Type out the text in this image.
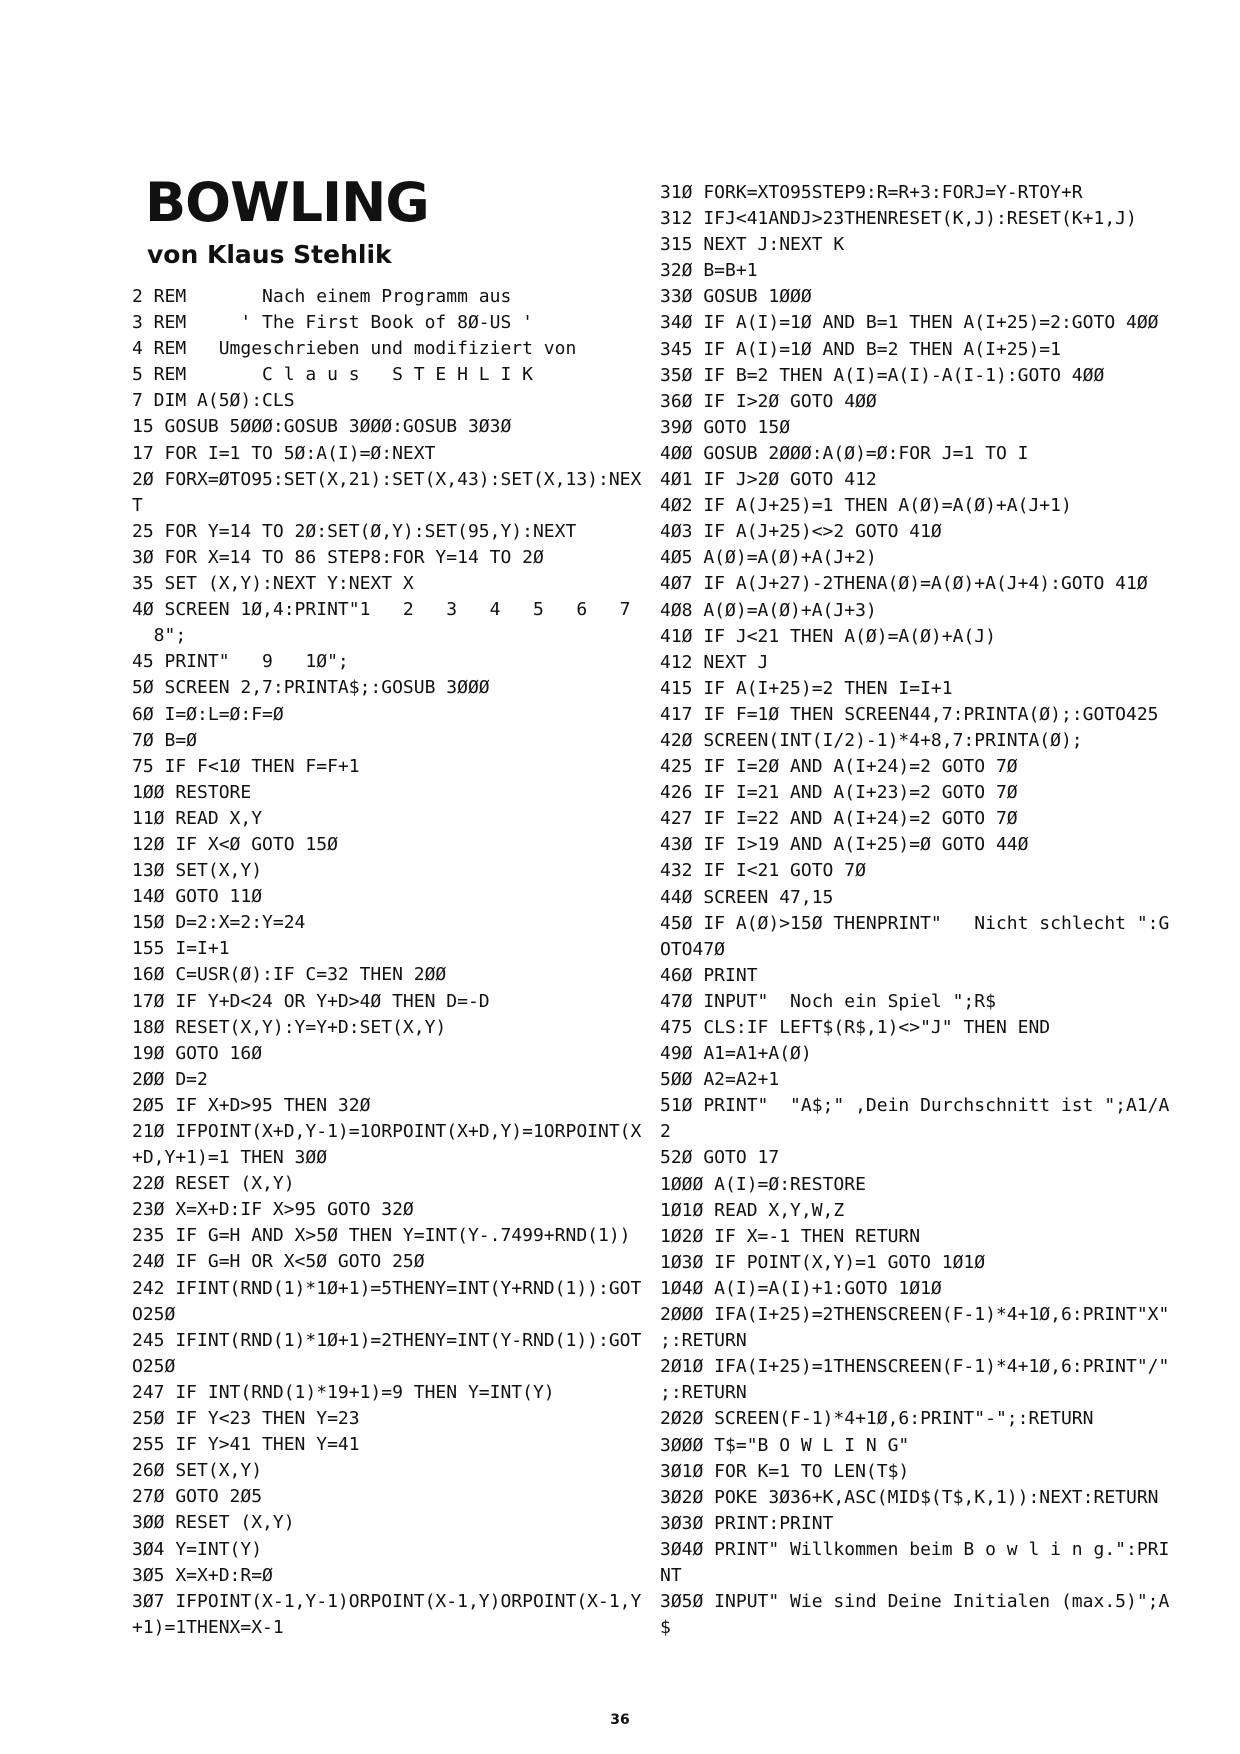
BOWLING

von Klaus Stehlik

2 REM       Nach einem Programm aus
3 REM     ' The First Book of 8Ø-US '
4 REM   Umgeschrieben und modifiziert von
5 REM       C l a u s   S T E H L I K
7 DIM A(5Ø):CLS
15 GOSUB 5ØØØ:GOSUB 3ØØØ:GOSUB 3Ø3Ø
17 FOR I=1 TO 5Ø:A(I)=Ø:NEXT
2Ø FORX=ØTO95:SET(X,21):SET(X,43):SET(X,13):NEX
T
25 FOR Y=14 TO 2Ø:SET(Ø,Y):SET(95,Y):NEXT
3Ø FOR X=14 TO 86 STEP8:FOR Y=14 TO 2Ø
35 SET (X,Y):NEXT Y:NEXT X
4Ø SCREEN 1Ø,4:PRINT"1   2   3   4   5   6   7
8";
45 PRINT"   9   1Ø";
5Ø SCREEN 2,7:PRINTA$;:GOSUB 3ØØØ
6Ø I=Ø:L=Ø:F=Ø
7Ø B=Ø
75 IF F<1Ø THEN F=F+1
1ØØ RESTORE
11Ø READ X,Y
12Ø IF X<Ø GOTO 15Ø
13Ø SET(X,Y)
14Ø GOTO 11Ø
15Ø D=2:X=2:Y=24
155 I=I+1
16Ø C=USR(Ø):IF C=32 THEN 2ØØ
17Ø IF Y+D<24 OR Y+D>4Ø THEN D=-D
18Ø RESET(X,Y):Y=Y+D:SET(X,Y)
19Ø GOTO 16Ø
2ØØ D=2
2Ø5 IF X+D>95 THEN 32Ø
21Ø IFPOINT(X+D,Y-1)=1ORPOINT(X+D,Y)=1ORPOINT(X
+D,Y+1)=1 THEN 3ØØ
22Ø RESET (X,Y)
23Ø X=X+D:IF X>95 GOTO 32Ø
235 IF G=H AND X>5Ø THEN Y=INT(Y-.7499+RND(1))
24Ø IF G=H OR X<5Ø GOTO 25Ø
242 IFINT(RND(1)*1Ø+1)=5THENY=INT(Y+RND(1)):GOT
O25Ø
245 IFINT(RND(1)*1Ø+1)=2THENY=INT(Y-RND(1)):GOT
O25Ø
247 IF INT(RND(1)*19+1)=9 THEN Y=INT(Y)
25Ø IF Y<23 THEN Y=23
255 IF Y>41 THEN Y=41
26Ø SET(X,Y)
27Ø GOTO 2Ø5
3ØØ RESET (X,Y)
3Ø4 Y=INT(Y)
3Ø5 X=X+D:R=Ø
3Ø7 IFPOINT(X-1,Y-1)ORPOINT(X-1,Y)ORPOINT(X-1,Y
+1)=1THENX=X-1
31Ø FORK=XTO95STEP9:R=R+3:FORJ=Y-RTOY+R
312 IFJ<41ANDJ>23THENRESET(K,J):RESET(K+1,J)
315 NEXT J:NEXT K
32Ø B=B+1
33Ø GOSUB 1ØØØ
34Ø IF A(I)=1Ø AND B=1 THEN A(I+25)=2:GOTO 4ØØ
345 IF A(I)=1Ø AND B=2 THEN A(I+25)=1
35Ø IF B=2 THEN A(I)=A(I)-A(I-1):GOTO 4ØØ
36Ø IF I>2Ø GOTO 4ØØ
39Ø GOTO 15Ø
4ØØ GOSUB 2ØØØ:A(Ø)=Ø:FOR J=1 TO I
4Ø1 IF J>2Ø GOTO 412
4Ø2 IF A(J+25)=1 THEN A(Ø)=A(Ø)+A(J+1)
4Ø3 IF A(J+25)<>2 GOTO 41Ø
4Ø5 A(Ø)=A(Ø)+A(J+2)
4Ø7 IF A(J+27)-2THENA(Ø)=A(Ø)+A(J+4):GOTO 41Ø
4Ø8 A(Ø)=A(Ø)+A(J+3)
41Ø IF J<21 THEN A(Ø)=A(Ø)+A(J)
412 NEXT J
415 IF A(I+25)=2 THEN I=I+1
417 IF F=1Ø THEN SCREEN44,7:PRINTA(Ø);:GOTO425
42Ø SCREEN(INT(I/2)-1)*4+8,7:PRINTA(Ø);
425 IF I=2Ø AND A(I+24)=2 GOTO 7Ø
426 IF I=21 AND A(I+23)=2 GOTO 7Ø
427 IF I=22 AND A(I+24)=2 GOTO 7Ø
43Ø IF I>19 AND A(I+25)=Ø GOTO 44Ø
432 IF I<21 GOTO 7Ø
44Ø SCREEN 47,15
45Ø IF A(Ø)>15Ø THENPRINT"   Nicht schlecht ":G
OTO47Ø
46Ø PRINT
47Ø INPUT"  Noch ein Spiel ";R$
475 CLS:IF LEFT$(R$,1)<>"J" THEN END
49Ø A1=A1+A(Ø)
5ØØ A2=A2+1
51Ø PRINT"  "A$;" ,Dein Durchschnitt ist ";A1/A
2
52Ø GOTO 17
1ØØØ A(I)=Ø:RESTORE
1Ø1Ø READ X,Y,W,Z
1Ø2Ø IF X=-1 THEN RETURN
1Ø3Ø IF POINT(X,Y)=1 GOTO 1Ø1Ø
1Ø4Ø A(I)=A(I)+1:GOTO 1Ø1Ø
2ØØØ IFA(I+25)=2THENSCREEN(F-1)*4+1Ø,6:PRINT"X"
;:RETURN
2Ø1Ø IFA(I+25)=1THENSCREEN(F-1)*4+1Ø,6:PRINT"/"
;:RETURN
2Ø2Ø SCREEN(F-1)*4+1Ø,6:PRINT"-";:RETURN
3ØØØ T$="B O W L I N G"
3Ø1Ø FOR K=1 TO LEN(T$)
3Ø2Ø POKE 3Ø36+K,ASC(MID$(T$,K,1)):NEXT:RETURN
3Ø3Ø PRINT:PRINT
3Ø4Ø PRINT" Willkommen beim B o w l i n g.":PRI
NT
3Ø5Ø INPUT" Wie sind Deine Initialen (max.5)";A
$
36
